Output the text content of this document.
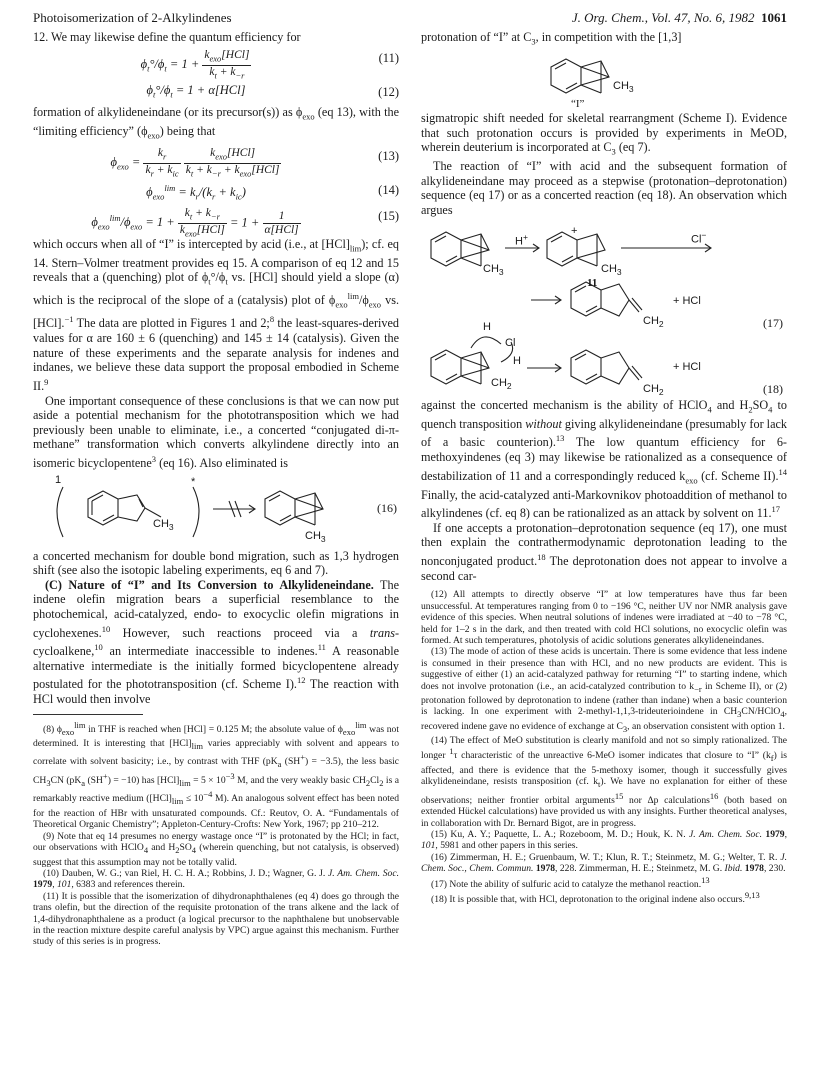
Photoisomerization of 2-Alkylindenes	J. Org. Chem., Vol. 47, No. 6, 1982 1061

12. We may likewise define the quantum efficiency for

$\phi_t^\circ/\phi_t = 1 + \frac{k_{exo}[HCl]}{k_t + k_{-r}}$	(11)
$\phi_t^\circ/\phi_t = 1 + \alpha[HCl]$	(12)

formation of alkylideneindane (or its precursor(s)) as $\phi_{exo}$ (eq 13), with the “limiting efficiency” $(\phi_{exo})$ being that

$\phi_{exo} = \frac{k_r}{k_r + k_{ic}}$
$\frac{k_{exo}[HCl]}{k_t + k_{-r} + k_{exo}[HCl]}$	(13)
$\phi_{exo}^{lim} = k_r/(k_r + k_{ic})$	(14)
$\phi_{exo}^{lim}/\phi_{exo} = 1 + \frac{k_t + k_{-r}}{k_{exo}[HCl]} = 1 + \frac{1}{\text{α[HCl]}}$	(15)

which occurs when all of “I” is intercepted by acid (i.e., at $[HCl]_{lim}$); cf. eq 14. Stern–Volmer treatment provides eq 15. A comparison of eq 12 and 15 reveals that a (quenching) plot of $\phi_t^\circ/\phi_t$ vs. [HCl] should yield a slope (α) which is the reciprocal of the slope of a (catalysis) plot of $\phi_{exo}^{lim}/\phi_{exo}$ vs. [HCl].$^{-1}$ The data are plotted in Figures 1 and 2;$^8$ the least-squares-derived values for α are 160 ± 6 (quenching) and 145 ± 14 (catalysis). Given the nature of these experiments and the separate analysis for indenes and indanes, we believe these data support the proposal embodied in Scheme II.$^9$

One important consequence of these conclusions is that we can now put aside a potential mechanism for the phototransposition which we had previously been unable to eliminate, i.e., a concerted “conjugated di-π-methane” transformation which converts alkylindene directly into an isomeric bicyclopentene$^3$ (eq 16). Also eliminated is

1	*
$CH_3$
$CH_3$
(16)

a concerted mechanism for double bond migration, such as 1,3 hydrogen shift (see also the isotopic labeling experiments, eq 6 and 7).

(C) Nature of “I” and Its Conversion to Alkylideneindane. The indene olefin migration bears a superficial resemblance to the photochemical, acid-catalyzed, endo- to exocyclic olefin migrations in cyclohexenes.$^{10}$ However, such reactions proceed via a trans-cycloalkene,$^{10}$ an intermediate inaccessible to indenes.$^{11}$ A reasonable alternative intermediate is the initially formed bicyclopentene already postulated for the phototransposition (cf. Scheme I).$^{12}$ The reaction with HCl would then involve

(8) $\phi_{exo}^{lim}$ in THF is reached when [HCl] = 0.125 M; the absolute value of $\phi_{exo}^{lim}$ was not determined. It is interesting that $[HCl]_{lim}$ varies appreciably with solvent and appears to correlate with solvent basicity; i.e., by contrast with THF ($pK_a$ (SH+) = −3.5), the less basic $CH_3CN$ ($pK_a$ (SH+) = −10) has $[HCl]_{lim} = 5 \times 10^{-3}$ M, and the very weakly basic $CH_2Cl_2$ is a remarkably reactive medium ($[HCl]_{lim} \le 10^{-4}$ M). An analogous solvent effect has been noted for the reaction of HBr with unsaturated compounds. Cf.: Reutov, O. A. “Fundamentals of Theoretical Organic Chemistry”; Appleton-Century-Crofts: New York, 1967; pp 210–212.

(9) Note that eq 14 presumes no energy wastage once “I” is protonated by the HCl; in fact, our observations with HClO$_4$ and $H_2SO_4$ (wherein quenching, but not catalysis, is observed) suggest that this assumption may not be totally valid.

(10) Dauben, W. G.; van Riel, H. C. H. A.; Robbins, J. D.; Wagner, G. J. J. Am. Chem. Soc. 1979, 101, 6383 and references therein.

(11) It is possible that the isomerization of dihydronaphthalenes (eq 4) does go through the trans olefin, but the direction of the requisite protonation of the trans alkene and the lack of 1,4-dihydronaphthalene as a product (a logical precursor to the naphthalene but unobservable in the reaction mixture despite careful analysis by VPC) argue against this mechanism. Further study of this series is in progress.

protonation of “I” at $C_3$, in competition with the [1,3]

$CH_3$
“I”

sigmatropic shift needed for skeletal rearrangment (Scheme I). Evidence that such protonation occurs is provided by experiments in MeOD, wherein deuterium is incorporated at $C_3$ (eq 7).

The reaction of “I” with acid and the subsequent formation of alkylideneindane may proceed as a stepwise (protonation–deprotonation) sequence (eq 17) or as a concerted reaction (eq 18). An observation which argues

H+	+
Cl−
$CH_3$	$CH_3$
11
$CH_2$
+ HCl
(17)
H
Cl
H
$CH_2$	$CH_2$
+ HCl
(18)

against the concerted mechanism is the ability of HClO$_4$ and $H_2SO_4$ to quench transposition without giving alkylideneindane (presumably for lack of a basic counterion).$^{13}$ The low quantum efficiency for 6-methoxyindenes (eq 3) may likewise be rationalized as a consequence of destabilization of 11 and a correspondingly reduced $k_{exo}$ (cf. Scheme II).$^{14}$ Finally, the acid-catalyzed anti-Markovnikov photoaddition of methanol to alkylindenes (cf. eq 8) can be rationalized as an attack by solvent on 11.17

If one accepts a protonation–deprotonation sequence (eq 17), one must then explain the contrathermodynamic deprotonation leading to the nonconjugated product.$^{18}$ The deprotonation does not appear to involve a second car-

(12) All attempts to directly observe “I” at low temperatures have thus far been unsuccessful. At temperatures ranging from 0 to −196 °C, neither UV nor NMR analysis gave evidence of this species. When neutral solutions of indenes were irradiated at −40 to −78 °C, held for 1–2 s in the dark, and then treated with cold HCl solutions, no exocyclic olefin was formed. At such temperatures, photolysis of acidic solutions generates alkylideneindanes.

(13) The mode of action of these acids is uncertain. There is some evidence that less indene is consumed in their presence than with HCl, and no new products are evident. This is suggestive of either (1) an acid-catalyzed pathway for returning “I” to starting indene, which does not involve protonation (i.e., an acid-catalyzed contribution to $k_{-r}$ in Scheme II), or (2) protonation followed by deprotonation to indene (rather than indane) when a basic counterion is lacking. In one experiment with 2-methyl-1,1,3-trideuterioindene in $CH_3CN/HClO_4$, recovered indene gave no evidence of exchange at $C_3$, an observation consistent with option 1.

(14) The effect of MeO substitution is clearly manifold and not so simply rationalized. The longer $^1$τ characteristic of the unreactive 6-MeO isomer indicates that closure to “I” $(k_f)$ is affected, and there is evidence that the 5-methoxy isomer, though it successfully gives alkylideneindane, resists transposition (cf. $k_t$). We have no explanation for either of these observations; neither frontier orbital arguments$^{15}$ nor Δp calculations$^{16}$ (both based on extended Hückel calculations) have provided us with any insights. Further theoretical analyses, in collaboration with Dr. Bernard Bigot, are in progress.

(15) Ku, A. Y.; Paquette, L. A.; Rozeboom, M. D.; Houk, K. N. J. Am. Chem. Soc. 1979, 101, 5981 and other papers in this series.

(16) Zimmerman, H. E.; Gruenbaum, W. T.; Klun, R. T.; Steinmetz, M. G.; Welter, T. R. J. Chem. Soc., Chem. Commun. 1978, 228. Zimmerman, H. E.; Steinmetz, M. G. Ibid. 1978, 230.

(17) Note the ability of sulfuric acid to catalyze the methanol reaction.$^{13}$

(18) It is possible that, with HCl, deprotonation to the original indene also occurs.$^{9,13}$
